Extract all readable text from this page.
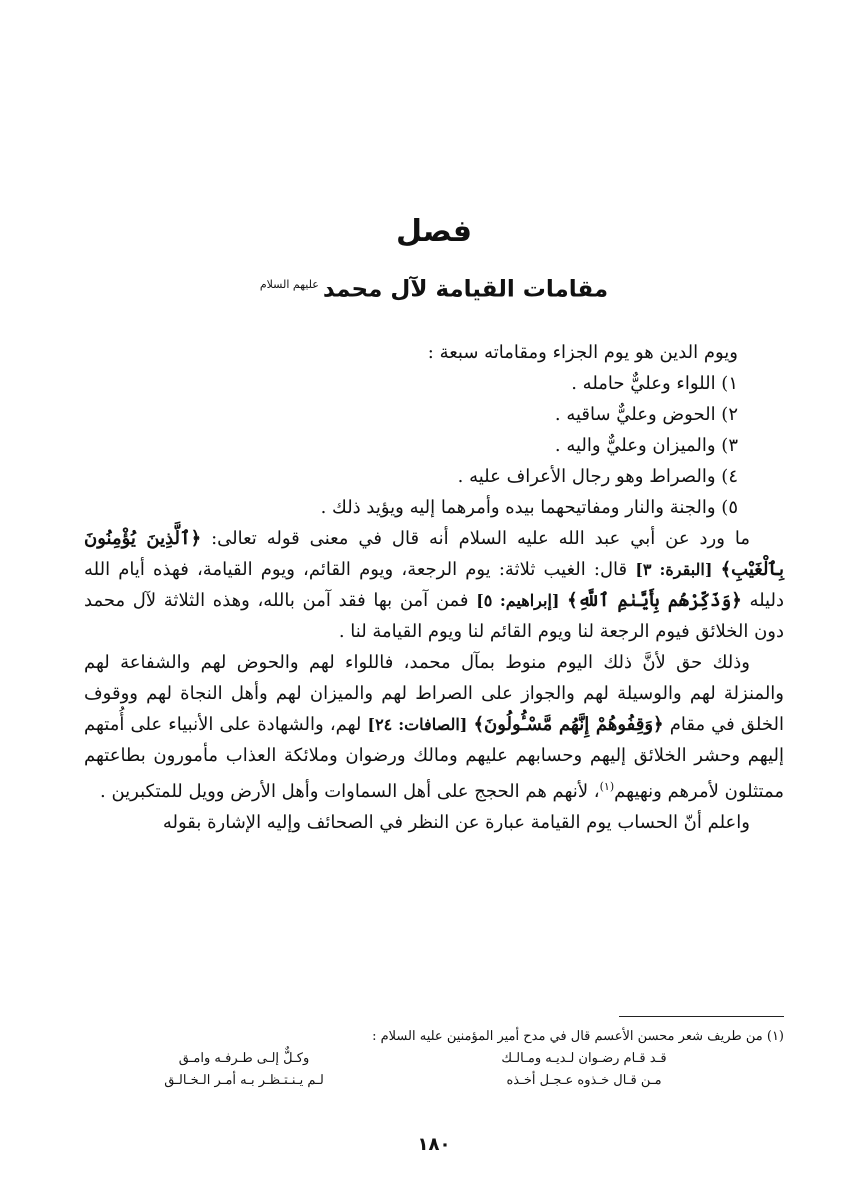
فصل
مقامات القيامة لآل محمد$^{عليهم السلام}$

ويوم الدين هو يوم الجزاء ومقاماته سبعة :

١) اللواء وعليٌّ حامله .

٢) الحوض وعليٌّ ساقيه .

٣) والميزان وعليٌّ واليه .

٤) والصراط وهو رجال الأعراف عليه .

٥) والجنة والنار ومفاتيحهما بيده وأمرهما إليه ويؤيد ذلك .

ما ورد عن أبي عبد الله عليه السلام أنه قال في معنى قوله تعالى: ﴿ٱلَّذِينَ يُؤْمِنُونَ بِٱلْغَيْبِ﴾ [البقرة: ٣] قال: الغيب ثلاثة: يوم الرجعة، ويوم القائم، ويوم القيامة، فهذه أيام الله دليله ﴿وَذَكِّرْهُم بِأَيَّىٰمِ ٱللَّهِ﴾ [إبراهيم: ٥] فمن آمن بها فقد آمن بالله، وهذه الثلاثة لآل محمد دون الخلائق فيوم الرجعة لنا ويوم القائم لنا ويوم القيامة لنا .

وذلك حق لأنَّ ذلك اليوم منوط بمآل محمد، فاللواء لهم والحوض لهم والشفاعة لهم والمنزلة لهم والوسيلة لهم والجواز على الصراط لهم والميزان لهم وأهل النجاة لهم ووقوف الخلق في مقام ﴿وَقِفُوهُمْ إِنَّهُم مَّسْـُٔولُونَ﴾ [الصافات: ٢٤] لهم، والشهادة على الأنبياء على أُمتهم إليهم وحشر الخلائق إليهم وحسابهم عليهم ومالك ورضوان وملائكة العذاب مأمورون بطاعتهم ممتثلون لأمرهم ونهيهم$^{(١)}$، لأنهم هم الحجج على أهل السماوات وأهل الأرض وويل للمتكبرين .

واعلم أنّ الحساب يوم القيامة عبارة عن النظر في الصحائف وإليه الإشارة بقوله

(١) من طريف شعر محسن الأعسم قال في مدح أمير المؤمنين عليه السلام :

قـد قـام رضـوان لـديـه ومـالـك
وكـلٌّ إلـى طـرفـه وامـق
مـن قـال خـذوه عـجـل أخـذه
لـم يـنـتـظـر بـه أمـر الـخـالـق
١٨٠
